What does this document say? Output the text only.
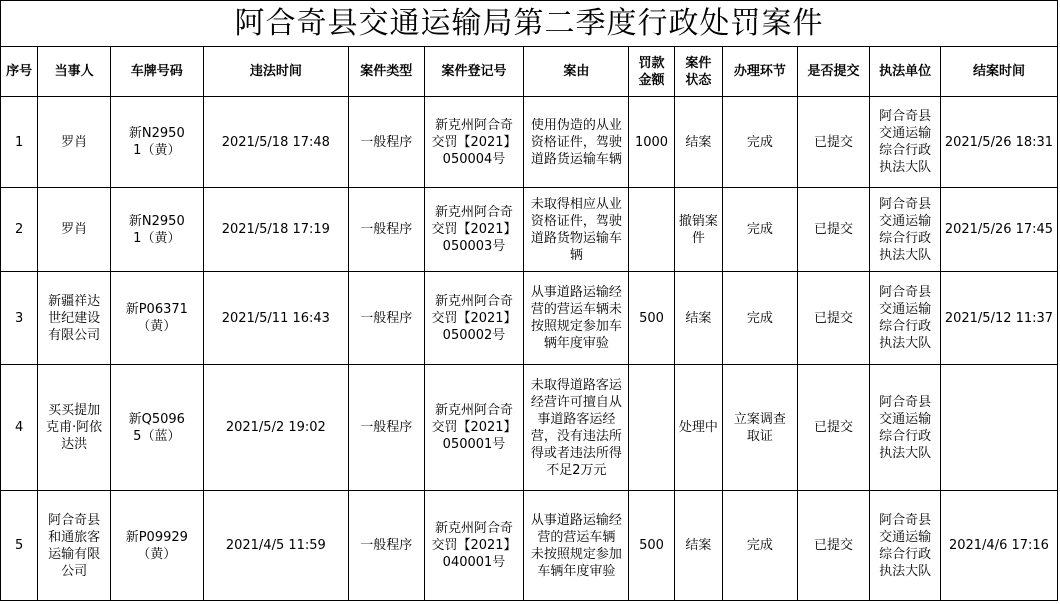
阿合奇县交通运输局第二季度行政处罚案件
序号	当事人	车牌号码	违法时间	案件类型	案件登记号	案由	罚款金额	案件状态	办理环节	是否提交	执法单位	结案时间
1	罗肖	新N29501（黄）	2021/5/18 17:48	一般程序	新克州阿合奇交罚【2021】050004号	使用伪造的从业资格证件，驾驶道路货运输车辆	1000	结案	完成	已提交	阿合奇县交通运输综合行政执法大队	2021/5/26 18:31
2	罗肖	新N29501（黄）	2021/5/18 17:19	一般程序	新克州阿合奇交罚【2021】050003号	未取得相应从业资格证件，驾驶道路货物运输车辆		撤销案件	完成	已提交	阿合奇县交通运输综合行政执法大队	2021/5/26 17:45
3	新疆祥达世纪建设有限公司	新P06371（黄）	2021/5/11 16:43	一般程序	新克州阿合奇交罚【2021】050002号	从事道路运输经营的营运车辆未按照规定参加车辆年度审验	500	结案	完成	已提交	阿合奇县交通运输综合行政执法大队	2021/5/12 11:37
4	买买提加克甫·阿依达洪	新Q50965（蓝）	2021/5/2 19:02	一般程序	新克州阿合奇交罚【2021】050001号	未取得道路客运经营许可擅自从事道路客运经营，没有违法所得或者违法所得不足2万元		处理中	立案调查取证	已提交	阿合奇县交通运输综合行政执法大队	
5	阿合奇县和通旅客运输有限公司	新P09929（黄）	2021/4/5 11:59	一般程序	新克州阿合奇交罚【2021】040001号	从事道路运输经营的营运车辆 未按照规定参加车辆年度审验	500	结案	完成	已提交	阿合奇县交通运输综合行政执法大队	2021/4/6 17:16
